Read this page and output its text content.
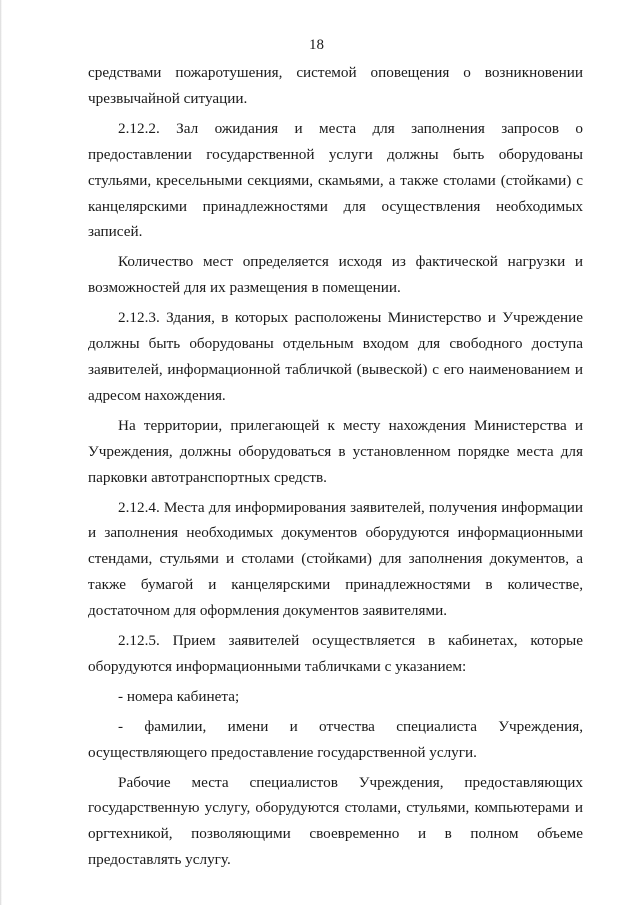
18

средствами пожаротушения, системой оповещения о возникновении чрезвычайной ситуации.

2.12.2. Зал ожидания и места для заполнения запросов о предоставлении государственной услуги должны быть оборудованы стульями, кресельными секциями, скамьями, а также столами (стойками) с канцелярскими принадлежностями для осуществления необходимых записей.

Количество мест определяется исходя из фактической нагрузки и возможностей для их размещения в помещении.

2.12.3. Здания, в которых расположены Министерство и Учреждение должны быть оборудованы отдельным входом для свободного доступа заявителей, информационной табличкой (вывеской) с его наименованием и адресом нахождения.

На территории, прилегающей к месту нахождения Министерства и Учреждения, должны оборудоваться в установленном порядке места для парковки автотранспортных средств.

2.12.4. Места для информирования заявителей, получения информации и заполнения необходимых документов оборудуются информационными стендами, стульями и столами (стойками) для заполнения документов, а также бумагой и канцелярскими принадлежностями в количестве, достаточном для оформления документов заявителями.

2.12.5. Прием заявителей осуществляется в кабинетах, которые оборудуются информационными табличками с указанием:

- номера кабинета;

- фамилии, имени и отчества специалиста Учреждения, осуществляющего предоставление государственной услуги.

Рабочие места специалистов Учреждения, предоставляющих государственную услугу, оборудуются столами, стульями, компьютерами и оргтехникой, позволяющими своевременно и в полном объеме предоставлять услугу.
